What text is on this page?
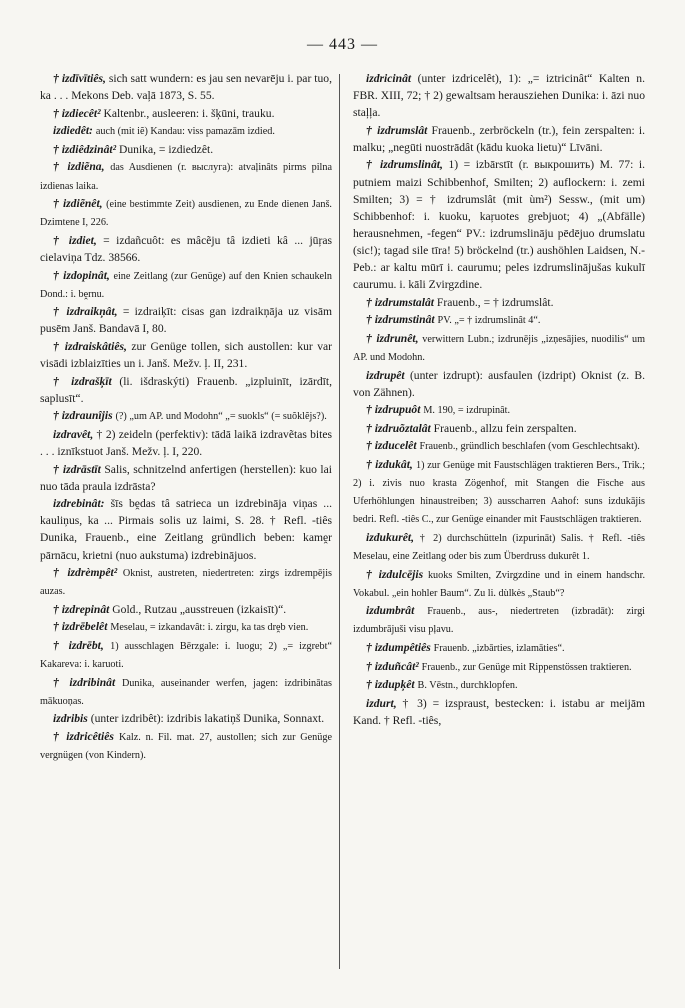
— 443 —

† izdīvītiês, sich satt wundern: es jau sen nevarēju i. par tuo, ka . . . Mekons Deb. vaļā 1873, S. 55.

† izdiecêt² Kaltenbr., ausleeren: i. šķūni, trauku.

izdiedêt: auch (mit iẽ) Kandau: viss pamazām izdied.

† izdiêdzinât² Dunika, = izdiedzêt.

† izdiẽna, das Ausdienen (r. выслуга): atvaļinâts pirms pilna izdienas laika.

† izdiẽnêt, (eine bestimmte Zeit) ausdienen, zu Ende dienen Janš. Dzimtene I, 226.

† izdiet, = izdañcuôt: es mâcẽju tâ izdieti kâ ... jūŗas cielaviņa Tdz. 38566.

† izdopinât, eine Zeitlang (zur Genüge) auf den Knien schaukeln Dond.: i. bḙrnu.

† izdraikņât, = izdraiķīt: cisas gan izdraikņāja uz visām pusēm Janš. Bandavā I, 80.

† izdraiskâtiês, zur Genüge tollen, sich austollen: kur var visādi izblaizīties un i. Janš. Mežv. ļ. II, 231.

† izdrašķīt (li. išdraskýti) Frauenb. „izpluinīt, izārdīt, saplusīt“.

† izdraunîjis (?) „um AP. und Modohn“ „= suokls“ (= suõklẽjs?).

izdravêt, † 2) zeideln (perfektiv): tādā laikā izdravẽtas bites . . . iznīkstuot Janš. Mežv. ļ. I, 220.

† izdrāstīt Salis, schnitzelnd anfertigen (herstellen): kuo lai nuo tāda praula izdrāsta?

izdrebinât: šīs bḙdas tâ satrieca un izdrebināja viņas ... kauliņus, ka ... Pirmais solis uz laimi, S. 28. † Refl. -tiês Dunika, Frauenb., eine Zeitlang gründlich beben: kamḙr pārnācu, krietni (nuo aukstuma) izdrebinājuos.

† izdrèmpêt² Oknist, austreten, niedertreten: zirgs izdrempējis auzas.

† izdrepinât Gold., Rutzau „ausstreuen (izkaisīt)“.

† izdrēbelêt Meselau, = izkandavât: i. zirgu, ka tas drḙb vien.

† izdrēbt, 1) ausschlagen Bērzgale: i. luogu; 2) „= izgrebt“ Kakareva: i. karuoti.

† izdribinât Dunika, auseinander werfen, jagen: izdribinātas mākuoņas.

izdribis (unter izdribêt): izdribis lakatiņš Dunika, Sonnaxt.

† izdricêtiês Kalz. n. Fil. mat. 27, austollen; sich zur Genüge vergnügen (von Kindern).

izdricinât (unter izdricelêt), 1): „= iztricinât“ Kalten n. FBR. XIII, 72; † 2) gewaltsam herausziehen Dunika: i. āzi nuo staļļa.

† izdrumslât Frauenb., zerbröckeln (tr.), fein zerspalten: i. malku; „negūti nuostrādât (kādu kuoka lietu)“ Līvāni.

† izdrumslinât, 1) = izbārstīt (r. выкрошить) M. 77: i. putniem maizi Schibbenhof, Smilten; 2) auflockern: i. zemi Smilten; 3) = † izdrumslât (mit ùm²) Sessw., (mit um) Schibbenhof: i. kuoku, kaŗuotes grebjuot; 4) „(Abfälle) herausnehmen, -fegen“ PV.: izdrumslināju pēdējuo drumslatu (sic!); tagad sile tīra! 5) bröckelnd (tr.) aushöhlen Laidsen, N.-Peb.: ar kaltu mūrī i. caurumu; peles izdrumslinājušas kukulī caurumu. i. kāli Zvirgzdine.

† izdrumstalât Frauenb., = † izdrumslât.

† izdrumstinât PV. „= † izdrumslinât 4“.

† izdrunêt, verwittern Lubn.; izdrunējis „izņesājies, nuodilis“ um AP. und Modohn.

izdrupêt (unter izdrupt): ausfaulen (izdript) Oknist (z. B. von Zähnen).

† izdrupuôt M. 190, = izdrupinât.

† izdruõztalât Frauenb., allzu fein zerspalten.

† izducelêt Frauenb., gründlich beschlafen (vom Geschlechtsakt).

† izdukât, 1) zur Genüge mit Faustschlägen traktieren Bers., Trik.; 2) i. zivis nuo krasta Zögenhof, mit Stangen die Fische aus Uferhöhlungen hinaustreiben; 3) ausscharren Aahof: suns izdukājis bedri. Refl. -tiês C., zur Genüge einander mit Faustschlägen traktieren.

izdukurêt, † 2) durchschütteln (izpurināt) Salis. † Refl. -tiês Meselau, eine Zeitlang oder bis zum Überdruss dukurêt 1.

† izdulcējis kuoks Smilten, Zvirgzdine und in einem handschr. Vokabul. „ein hohler Baum“. Zu li. dùlkės „Staub“?

izdumbrât Frauenb., aus-, niedertreten (izbradāt): zirgi izdumbrājuši visu pļavu.

† izdumpêtiês Frauenb. „izbārties, izlamāties“.

† izduñcât² Frauenb., zur Genüge mit Rippenstössen traktieren.

† izdupķêt B. Vēstn., durchklopfen.

izdurt, † 3) = izspraust, bestecken: i. istabu ar meijām Kand. † Refl. -tiês,
